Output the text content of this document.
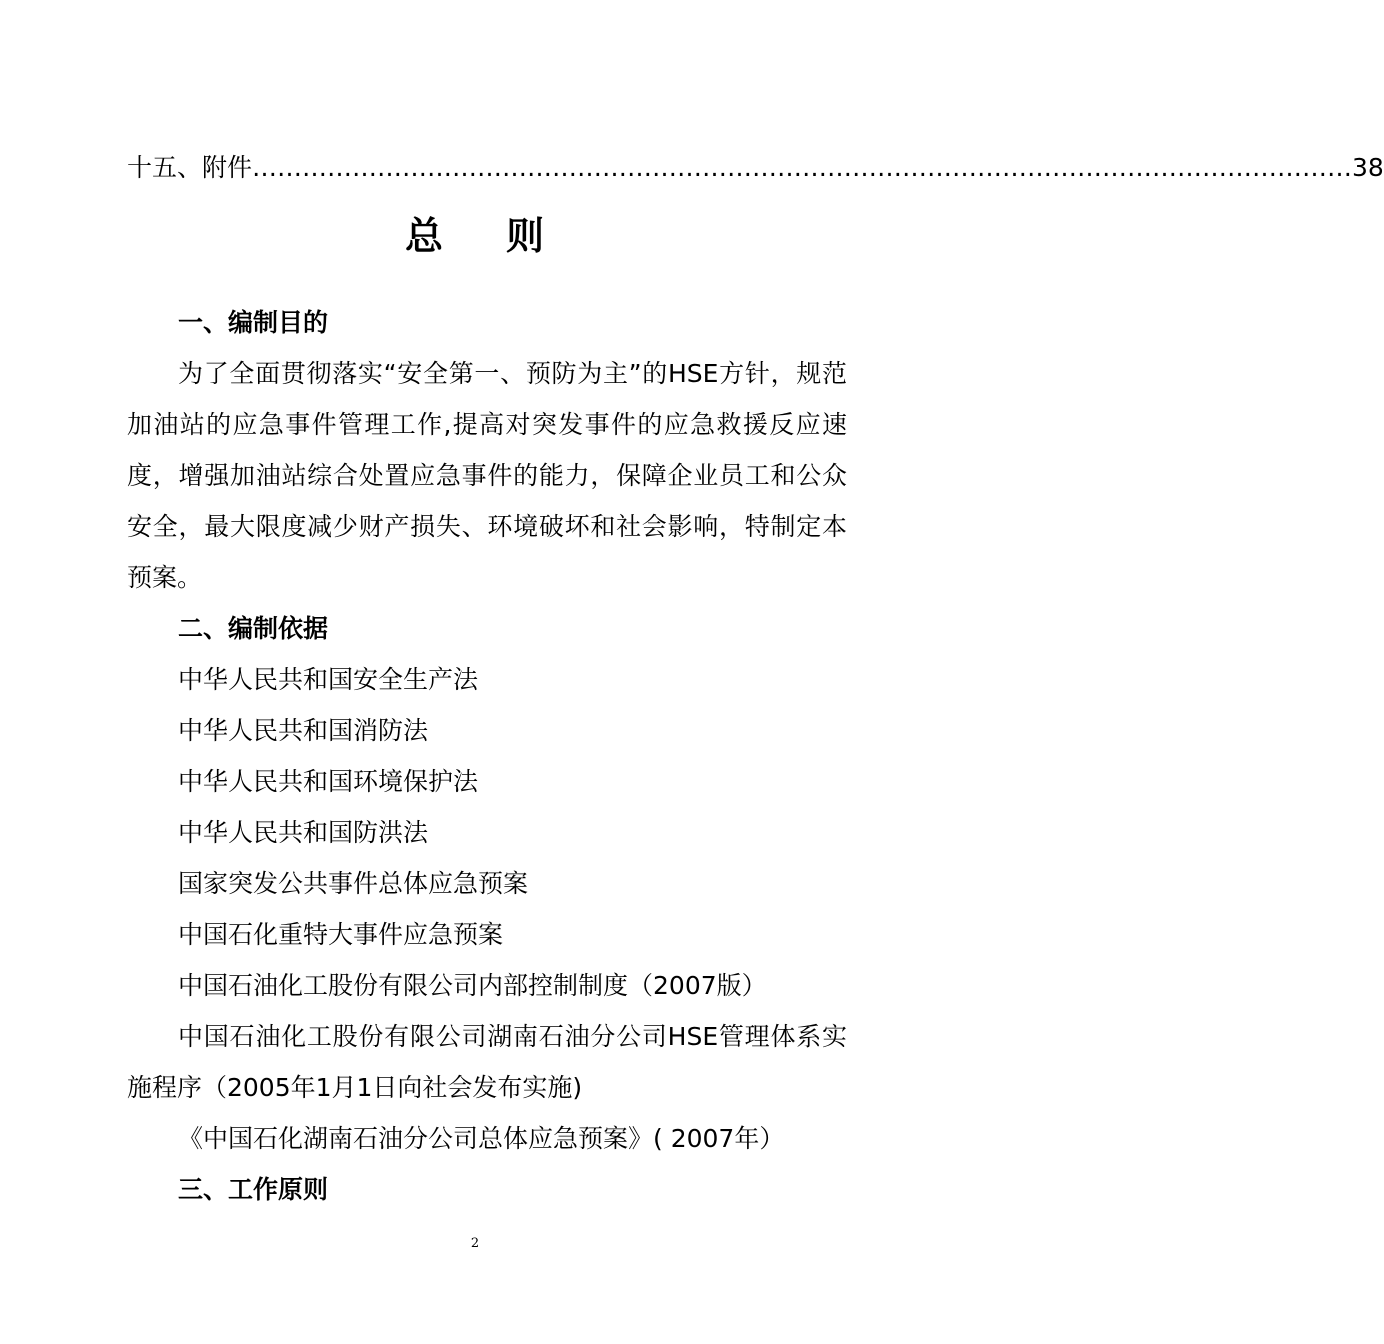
十五、附件 …………………………………………………………………………………………………………………… 38
总 则

一、编制目的

为了全面贯彻落实“安全第一、预防为主”的HSE方针，规范加油站的应急事件管理工作,提高对突发事件的应急救援反应速度，增强加油站综合处置应急事件的能力，保障企业员工和公众安全，最大限度减少财产损失、环境破坏和社会影响，特制定本预案。

二、编制依据

中华人民共和国安全生产法

中华人民共和国消防法

中华人民共和国环境保护法

中华人民共和国防洪法

国家突发公共事件总体应急预案

中国石化重特大事件应急预案

中国石油化工股份有限公司内部控制制度（2007版）

中国石油化工股份有限公司湖南石油分公司HSE管理体系实施程序（2005年1月1日向社会发布实施)

《中国石化湖南石油分公司总体应急预案》( 2007年）

三、工作原则

2
